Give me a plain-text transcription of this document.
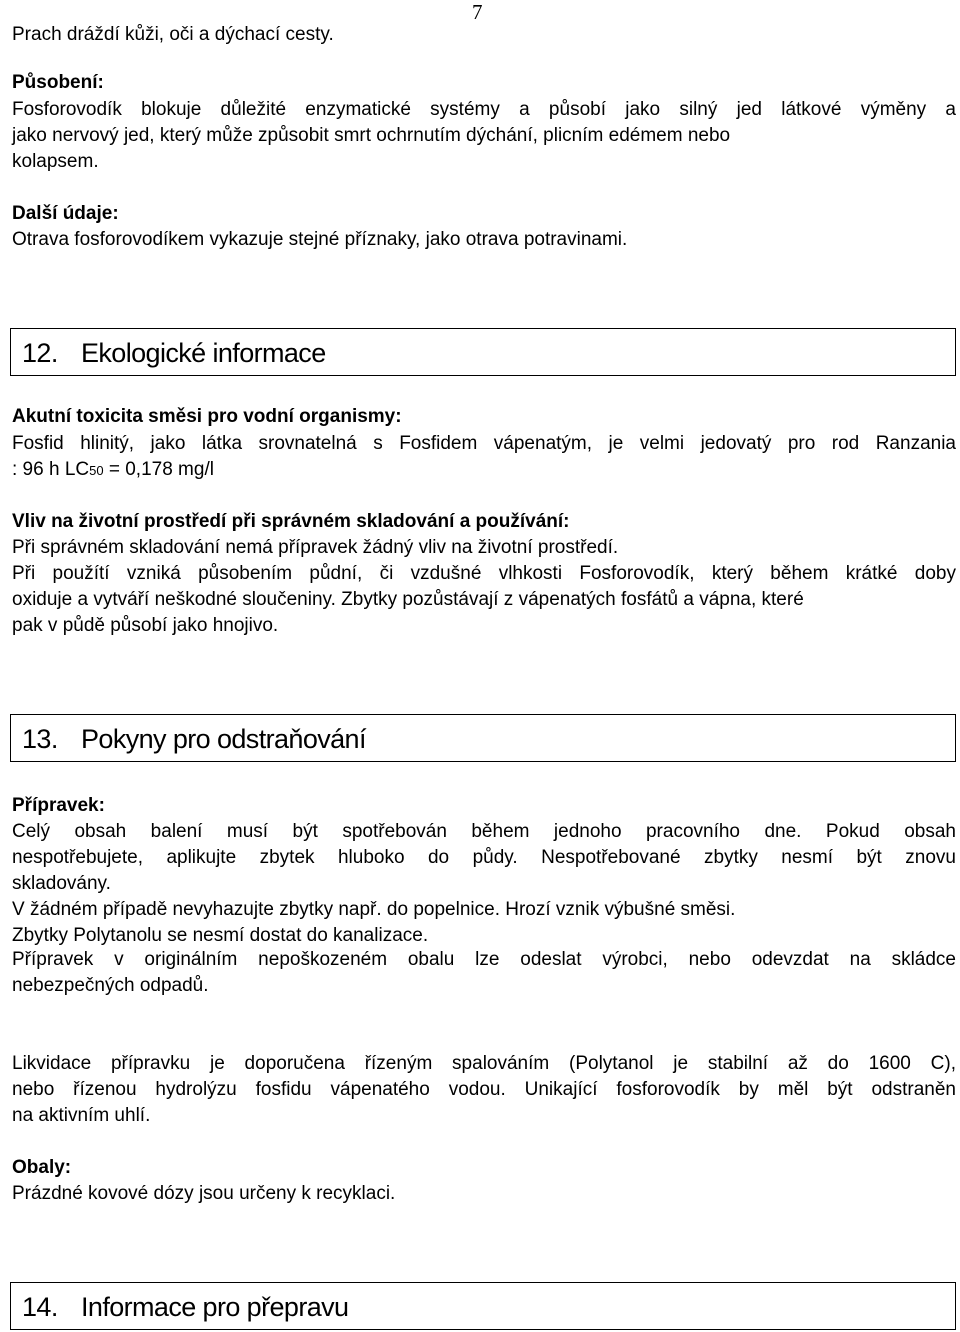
7
Prach dráždí kůži, oči a dýchací cesty.
Působení:
Fosforovodík blokuje důležité enzymatické systémy a působí jako silný jed látkové výměny a
jako nervový jed, který může způsobit smrt ochrnutím dýchání, plicním edémem nebo
kolapsem.
Další údaje:
Otrava fosforovodíkem vykazuje stejné příznaky, jako otrava potravinami.
12. Ekologické informace
Akutní toxicita směsi pro vodní organismy:
Fosfid hlinitý, jako látka srovnatelná s Fosfidem vápenatým, je velmi jedovatý pro rod Ranzania
: 96 h LC50 = 0,178 mg/l
Vliv na životní prostředí při správném skladování a používání:
Při správném skladování nemá přípravek žádný vliv na životní prostředí.
Při použítí vzniká působením půdní, či vzdušné vlhkosti Fosforovodík, který během krátké doby
oxiduje a vytváří neškodné sloučeniny. Zbytky pozůstávají z vápenatých fosfátů a vápna, které
pak v půdě působí jako hnojivo.
13. Pokyny pro odstraňování
Přípravek:
Celý obsah balení musí být spotřebován během jednoho pracovního dne. Pokud obsah
nespotřebujete, aplikujte zbytek hluboko do půdy. Nespotřebované zbytky nesmí být znovu
skladovány.
V žádném případě nevyhazujte zbytky např. do popelnice. Hrozí vznik výbušné směsi.
Zbytky Polytanolu se nesmí dostat do kanalizace.
Přípravek v originálním nepoškozeném obalu lze odeslat výrobci, nebo odevzdat na skládce
nebezpečných odpadů.
Likvidace přípravku je doporučena řízeným spalováním (Polytanol je stabilní až do 1600 C),
nebo řízenou hydrolýzu fosfidu vápenatého vodou. Unikající fosforovodík by měl být odstraněn
na aktivním uhlí.
Obaly:
Prázdné kovové dózy jsou určeny k recyklaci.
14. Informace pro přepravu
